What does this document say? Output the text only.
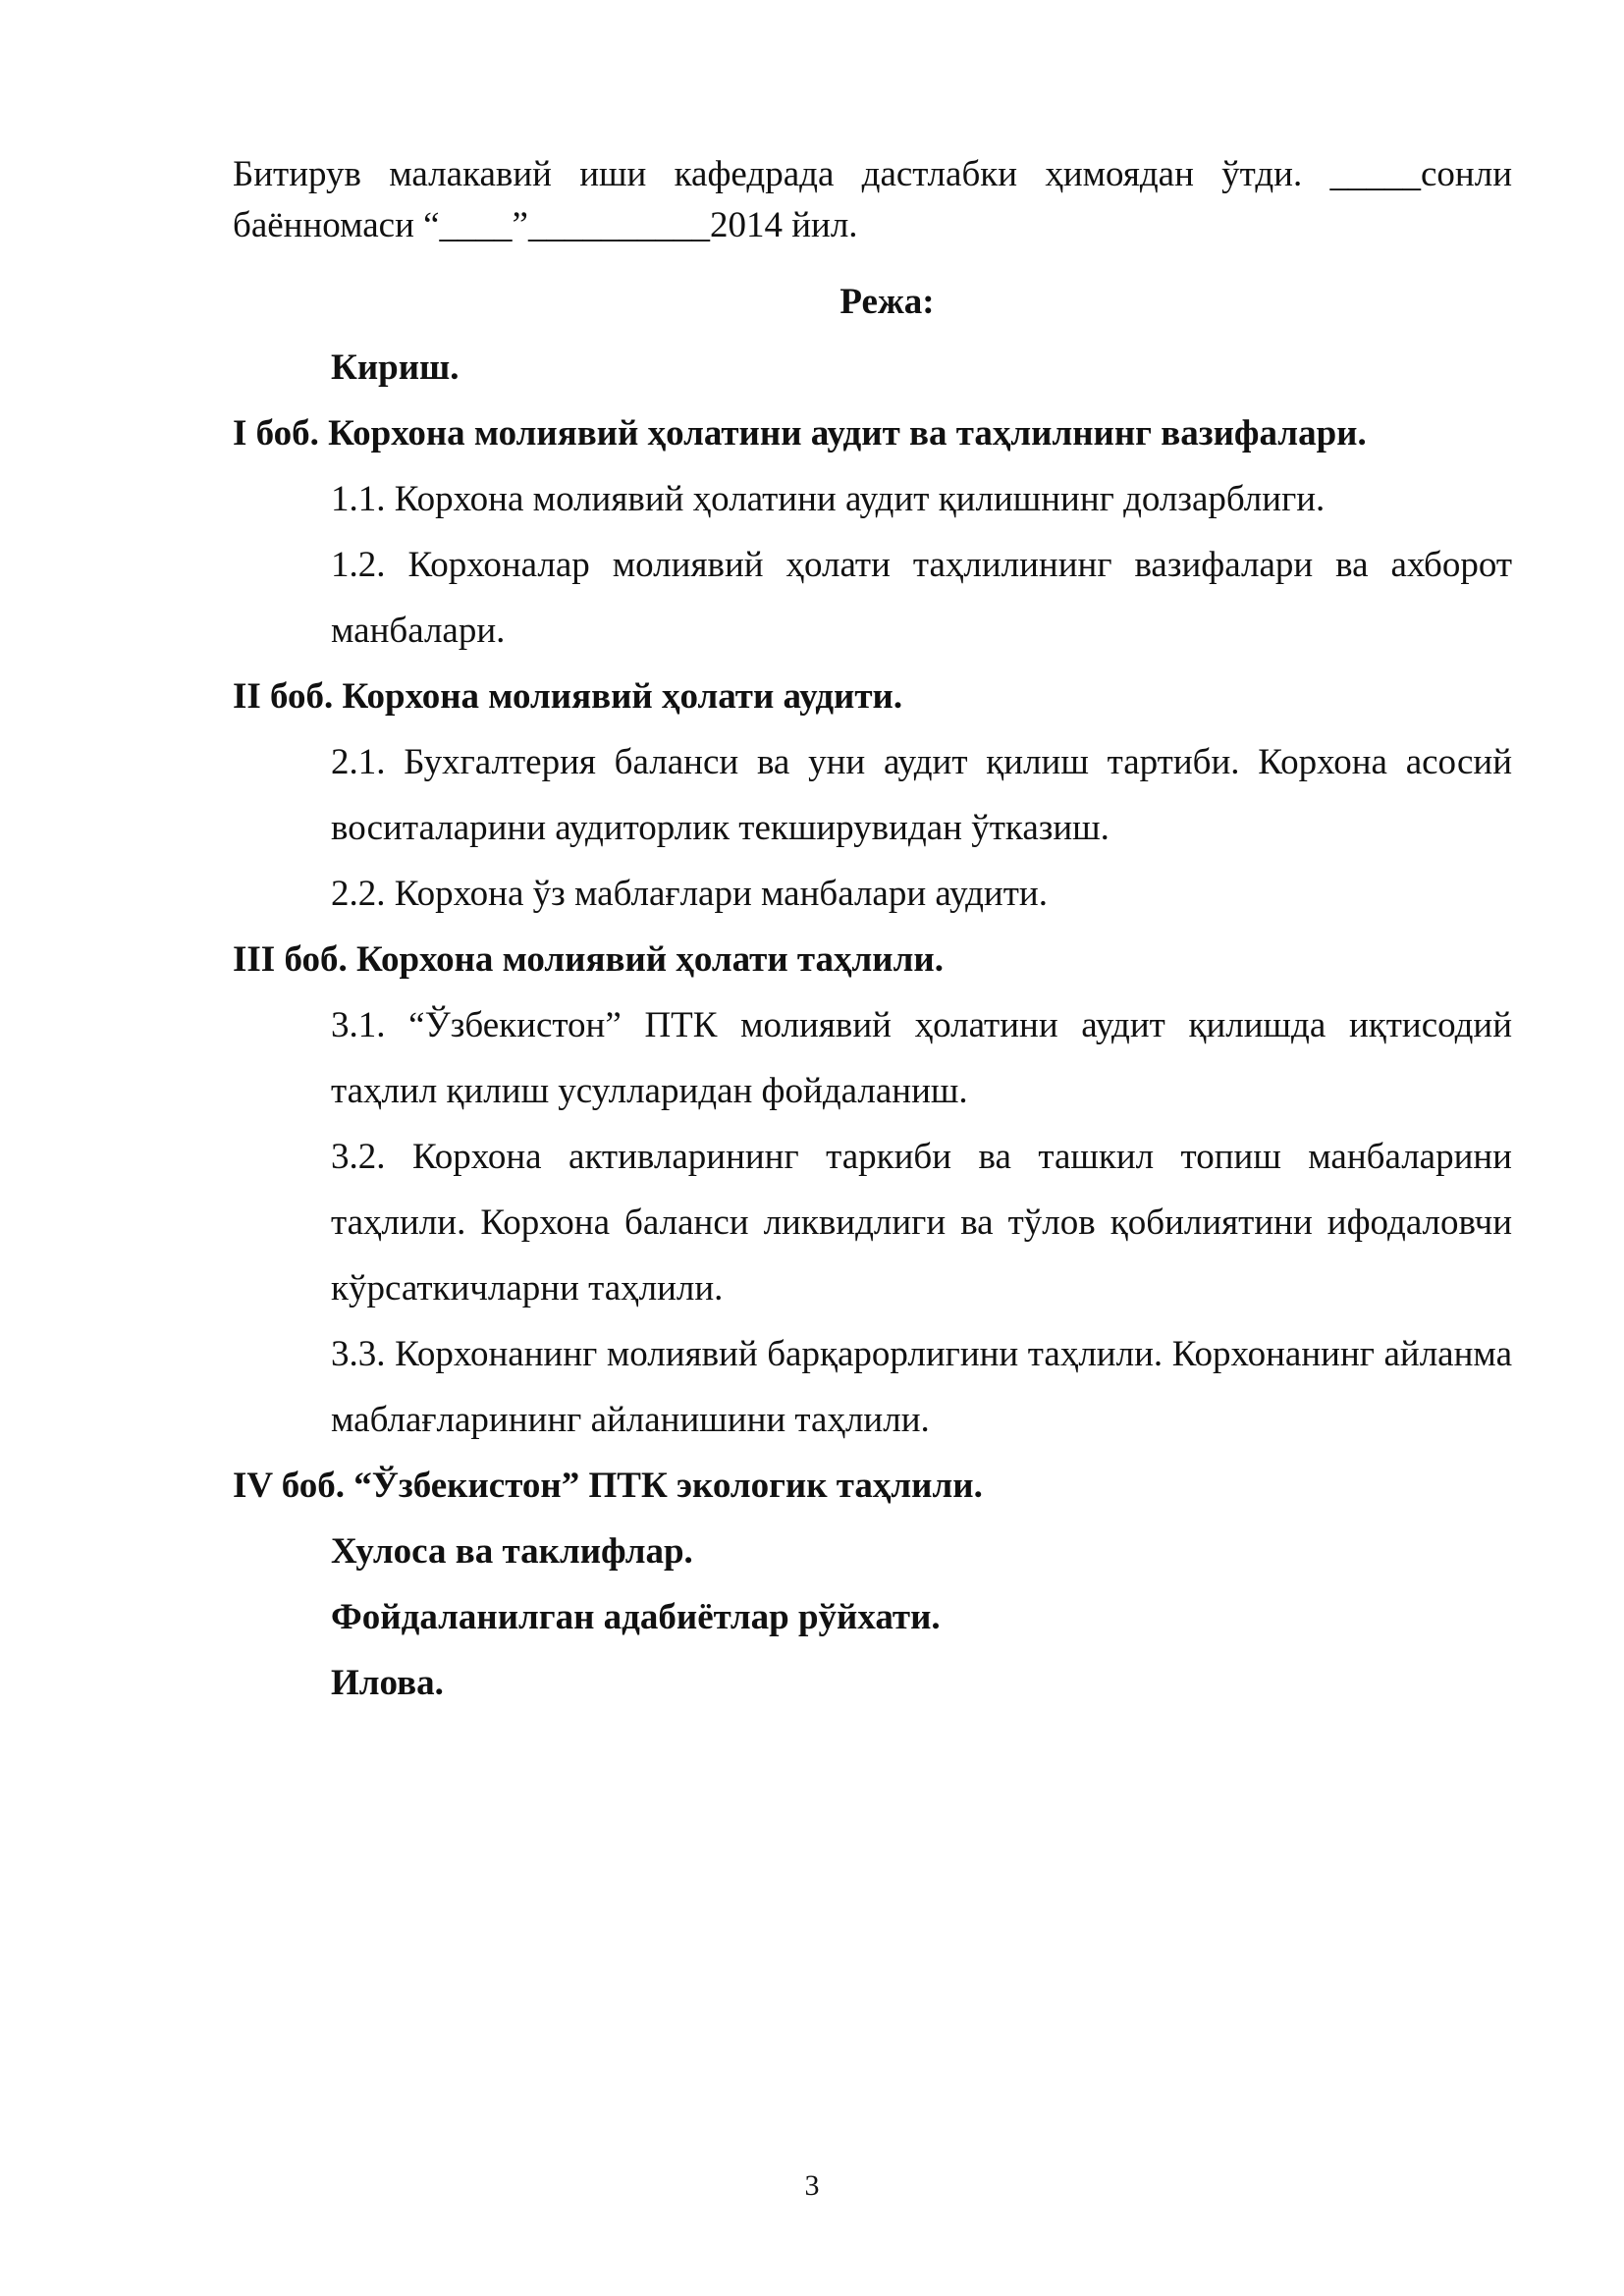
Битирув малакавий иши кафедрада дастлабки ҳимоядан ўтди. _____сонли баённомаси “____”__________2014 йил.

Режа:

Кириш.

I боб. Корхона молиявий ҳолатини аудит ва таҳлилнинг вазифалари.

1.1. Корхона молиявий ҳолатини аудит қилишнинг долзарблиги.

1.2. Корхоналар молиявий ҳолати таҳлилининг вазифалари ва ахборот манбалари.

II боб. Корхона молиявий ҳолати аудити.

2.1. Бухгалтерия баланси ва уни аудит қилиш тартиби. Корхона асосий воситаларини аудиторлик текширувидан ўтказиш.

2.2. Корхона ўз маблағлари манбалари аудити.

III боб. Корхона молиявий ҳолати таҳлили.

3.1. “Ўзбекистон” ПТК молиявий ҳолатини аудит қилишда иқтисодий таҳлил қилиш усулларидан фойдаланиш.

3.2. Корхона активларининг таркиби ва ташкил топиш манбаларини таҳлили. Корхона баланси ликвидлиги ва тўлов қобилиятини ифодаловчи кўрсаткичларни таҳлили.

3.3. Корхонанинг молиявий барқарорлигини таҳлили. Корхонанинг айланма маблағларининг айланишини таҳлили.

IV боб. “Ўзбекистон” ПТК экологик таҳлили.

Хулоса ва таклифлар.

Фойдаланилган адабиётлар рўйхати.

Илова.

3
